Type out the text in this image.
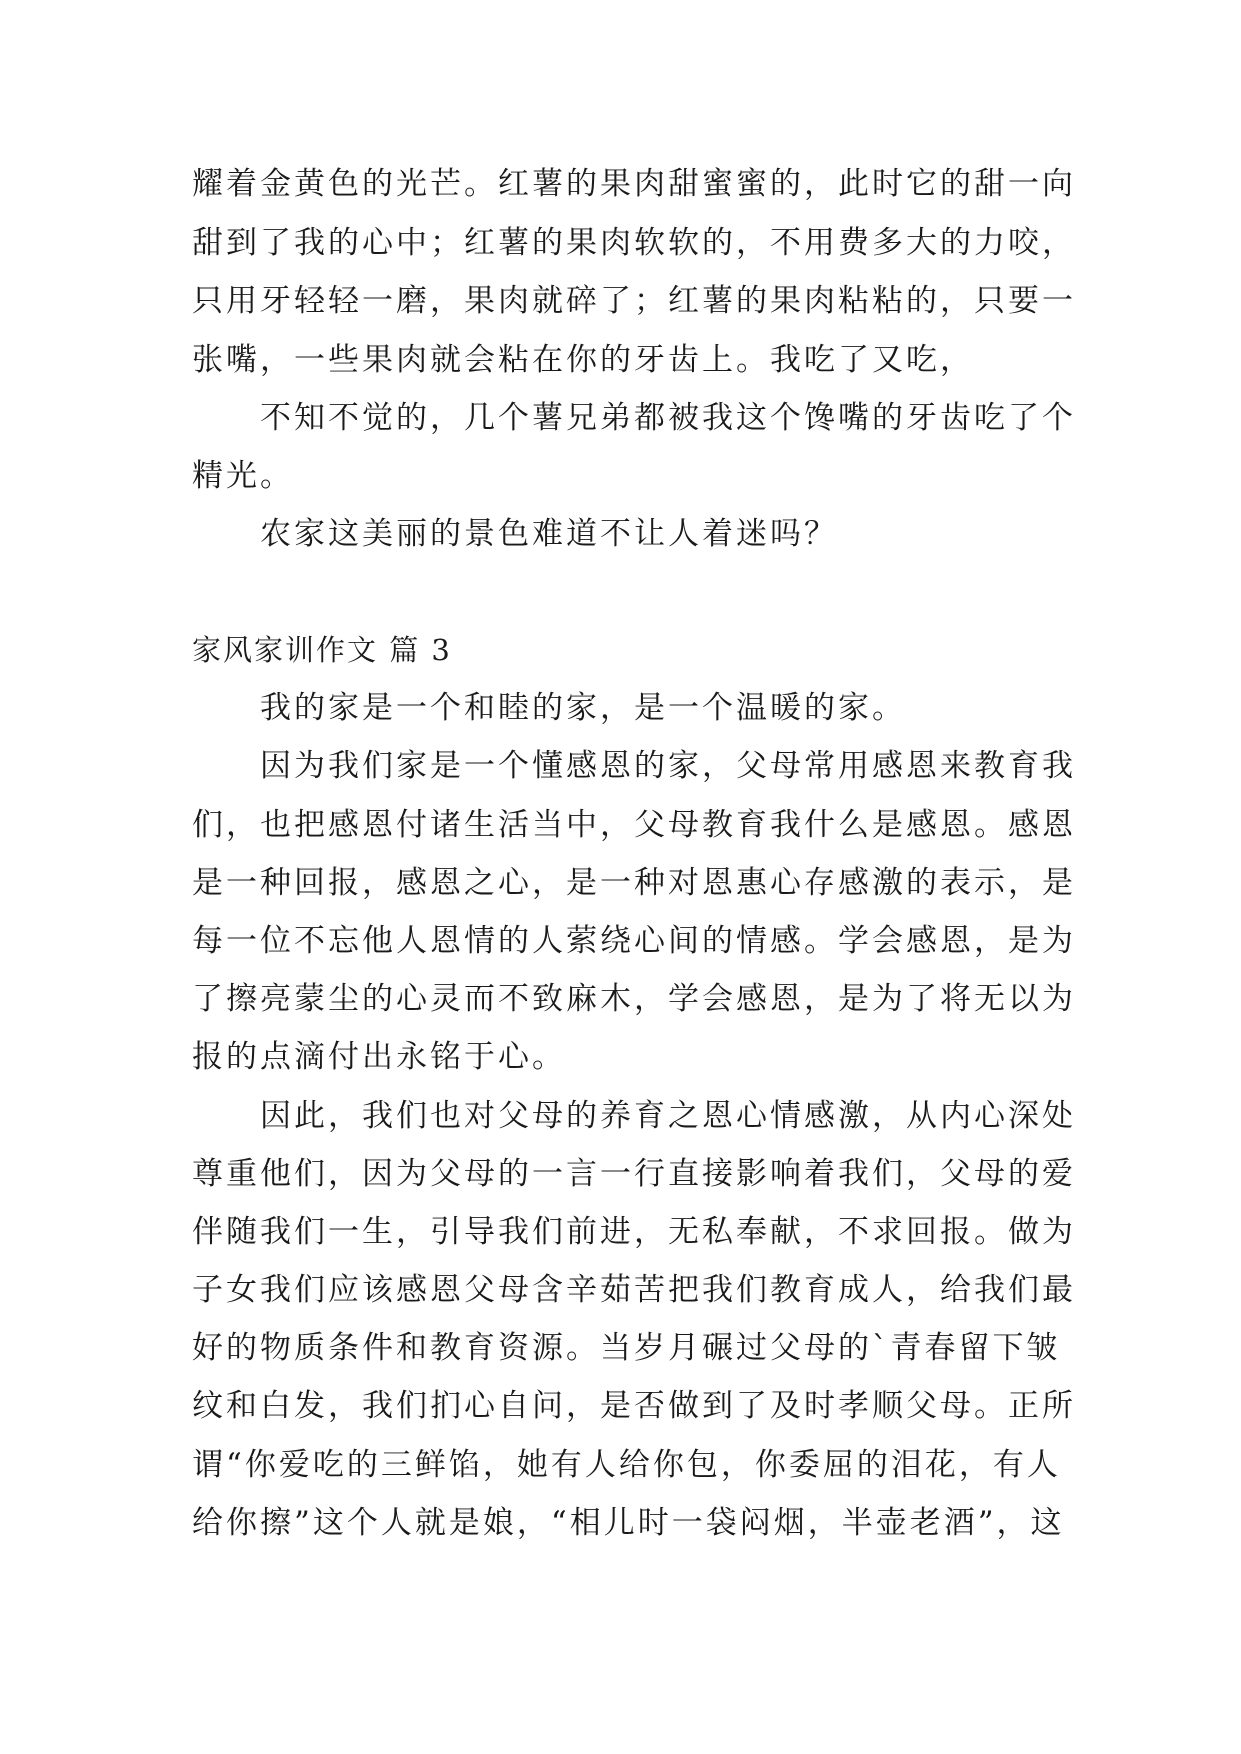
耀着金黄色的光芒。红薯的果肉甜蜜蜜的，此时它的甜一向
甜到了我的心中；红薯的果肉软软的，不用费多大的力咬，
只用牙轻轻一磨，果肉就碎了；红薯的果肉粘粘的，只要一
张嘴，一些果肉就会粘在你的牙齿上。我吃了又吃，
　　不知不觉的，几个薯兄弟都被我这个馋嘴的牙齿吃了个
精光。
　　农家这美丽的景色难道不让人着迷吗？
家风家训作文 篇 3
　　我的家是一个和睦的家，是一个温暖的家。
　　因为我们家是一个懂感恩的家，父母常用感恩来教育我
们，也把感恩付诸生活当中，父母教育我什么是感恩。感恩
是一种回报，感恩之心，是一种对恩惠心存感激的表示，是
每一位不忘他人恩情的人萦绕心间的情感。学会感恩，是为
了擦亮蒙尘的心灵而不致麻木，学会感恩，是为了将无以为
报的点滴付出永铭于心。
　　因此，我们也对父母的养育之恩心情感激，从内心深处
尊重他们，因为父母的一言一行直接影响着我们，父母的爱
伴随我们一生，引导我们前进，无私奉献，不求回报。做为
子女我们应该感恩父母含辛茹苦把我们教育成人，给我们最
好的物质条件和教育资源。当岁月碾过父母的`青春留下皱
纹和白发，我们扪心自问，是否做到了及时孝顺父母。正所
谓“你爱吃的三鲜馅，她有人给你包，你委屈的泪花，有人
给你擦”这个人就是娘，“相儿时一袋闷烟，半壶老酒”，这
